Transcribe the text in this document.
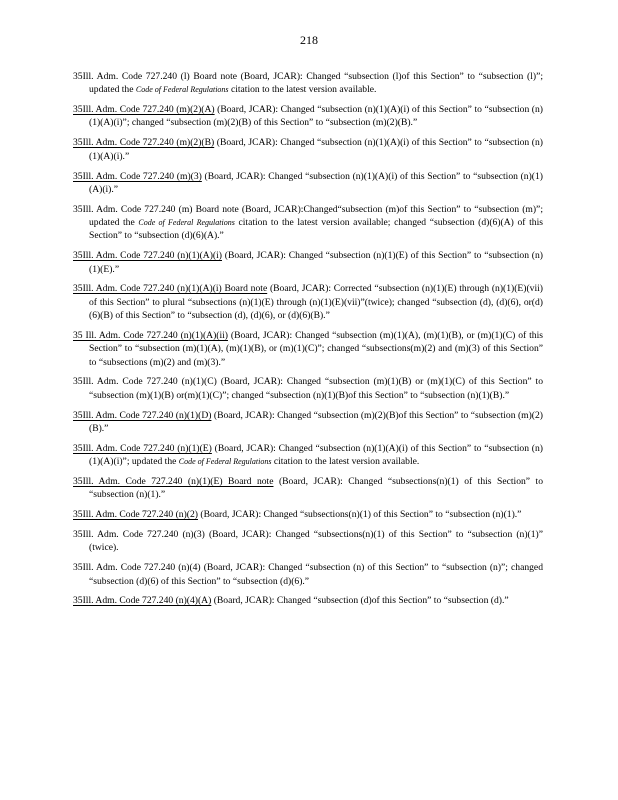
218

35Ill. Adm. Code 727.240 (l) Board note (Board, JCAR): Changed “subsection (l)of this Section” to “subsection (l)”; updated the Code of Federal Regulations citation to the latest version available.

35Ill. Adm. Code 727.240 (m)(2)(A) (Board, JCAR): Changed “subsection (n)(1)(A)(i) of this Section” to “subsection (n)(1)(A)(i)”; changed “subsection (m)(2)(B) of this Section” to “subsection (m)(2)(B).”

35Ill. Adm. Code 727.240 (m)(2)(B) (Board, JCAR): Changed “subsection (n)(1)(A)(i) of this Section” to “subsection (n)(1)(A)(i).”

35Ill. Adm. Code 727.240 (m)(3) (Board, JCAR): Changed “subsection (n)(1)(A)(i) of this Section” to “subsection (n)(1)(A)(i).”

35Ill. Adm. Code 727.240 (m) Board note (Board, JCAR):Changed“subsection (m)of this Section” to “subsection (m)”; updated the Code of Federal Regulations citation to the latest version available; changed “subsection (d)(6)(A) of this Section” to “subsection (d)(6)(A).”

35Ill. Adm. Code 727.240 (n)(1)(A)(i) (Board, JCAR): Changed “subsection (n)(1)(E) of this Section” to “subsection (n)(1)(E).”

35Ill. Adm. Code 727.240 (n)(1)(A)(i) Board note (Board, JCAR): Corrected “subsection (n)(1)(E) through (n)(1)(E)(vii) of this Section” to plural “subsections (n)(1)(E) through (n)(1)(E)(vii)”(twice); changed “subsection (d), (d)(6), or(d)(6)(B) of this Section” to “subsection (d), (d)(6), or (d)(6)(B).”

35 Ill. Adm. Code 727.240 (n)(1)(A)(ii) (Board, JCAR): Changed “subsection (m)(1)(A), (m)(1)(B), or (m)(1)(C) of this Section” to “subsection (m)(1)(A), (m)(1)(B), or (m)(1)(C)”; changed “subsections(m)(2) and (m)(3) of this Section” to “subsections (m)(2) and (m)(3).”

35Ill. Adm. Code 727.240 (n)(1)(C) (Board, JCAR): Changed “subsection (m)(1)(B) or (m)(1)(C) of this Section” to “subsection (m)(1)(B) or(m)(1)(C)”; changed “subsection (n)(1)(B)of this Section” to “subsection (n)(1)(B).”

35Ill. Adm. Code 727.240 (n)(1)(D) (Board, JCAR): Changed “subsection (m)(2)(B)of this Section” to “subsection (m)(2)(B).”

35Ill. Adm. Code 727.240 (n)(1)(E) (Board, JCAR): Changed “subsection (n)(1)(A)(i) of this Section” to “subsection (n)(1)(A)(i)”; updated the Code of Federal Regulations citation to the latest version available.

35Ill. Adm. Code 727.240 (n)(1)(E) Board note (Board, JCAR): Changed “subsections(n)(1) of this Section” to “subsection (n)(1).”

35Ill. Adm. Code 727.240 (n)(2) (Board, JCAR): Changed “subsections(n)(1) of this Section” to “subsection (n)(1).”

35Ill. Adm. Code 727.240 (n)(3) (Board, JCAR): Changed “subsections(n)(1) of this Section” to “subsection (n)(1)” (twice).

35Ill. Adm. Code 727.240 (n)(4) (Board, JCAR): Changed “subsection (n) of this Section” to “subsection (n)”; changed “subsection (d)(6) of this Section” to “subsection (d)(6).”

35Ill. Adm. Code 727.240 (n)(4)(A) (Board, JCAR): Changed “subsection (d)of this Section” to “subsection (d).”
